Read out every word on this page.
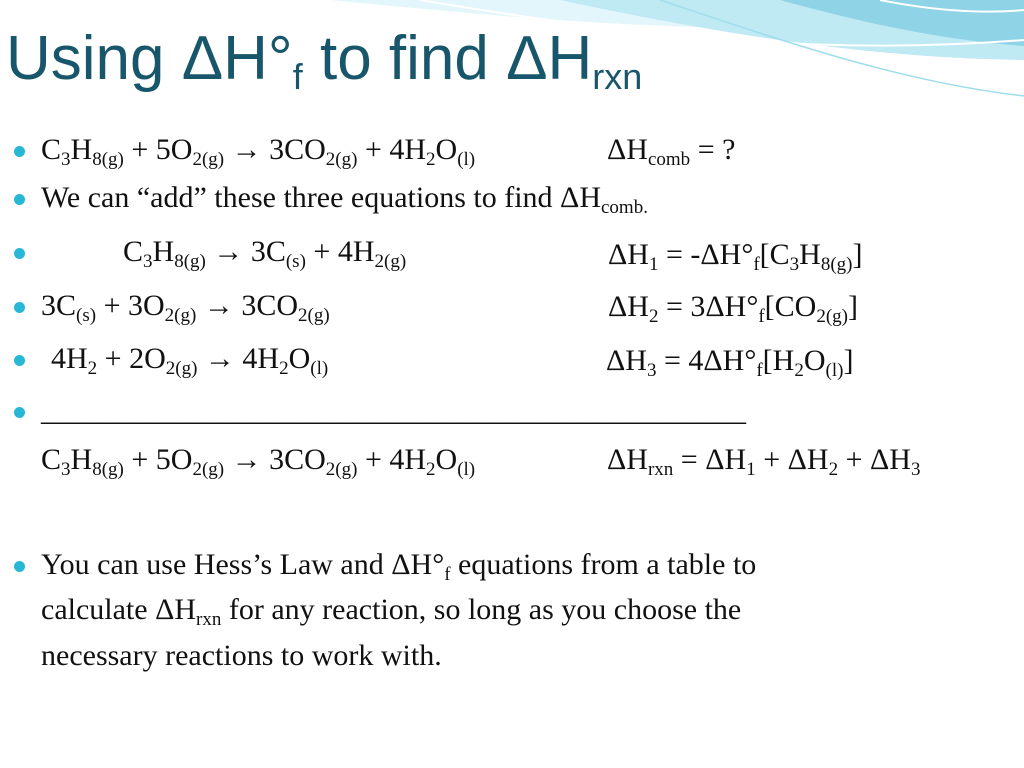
Using $\Delta H^\circ_f$ to find $\Delta H_{rxn}$
$C_3H_{8(g)} + 5O_{2(g)} \to 3CO_{2(g)} + 4H_2O_{(l)}$	$\Delta H_{comb}$ = ?
We can “add” these three equations to find $\Delta H_{comb.}$
$C_3H_{8(g)} \to 3C_{(s)} + 4H_{2(g)}$	$\Delta H_1 = -\Delta H^\circ_f[C_3H_{8(g)}]$
$3C_{(s)} + 3O_{2(g)} \to 3CO_{2(g)}$	$\Delta H_2 = 3\Delta H^\circ_f[CO_{2(g)}]$
$4H_2 + 2O_{2(g)} \to 4H_2O_{(l)}$	$\Delta H_3 = 4\Delta H^\circ_f[H_2O_{(l)}]$
_______________________________________________
$C_3H_{8(g)} + 5O_{2(g)} \to 3CO_{2(g)} + 4H_2O_{(l)}$	$\Delta H_{rxn} = \Delta H_1 + \Delta H_2 + \Delta H_3$
You can use Hess’s Law and $\Delta H^\circ_f$ equations from a table to
calculate $\Delta H_{rxn}$ for any reaction, so long as you choose the
necessary reactions to work with.
